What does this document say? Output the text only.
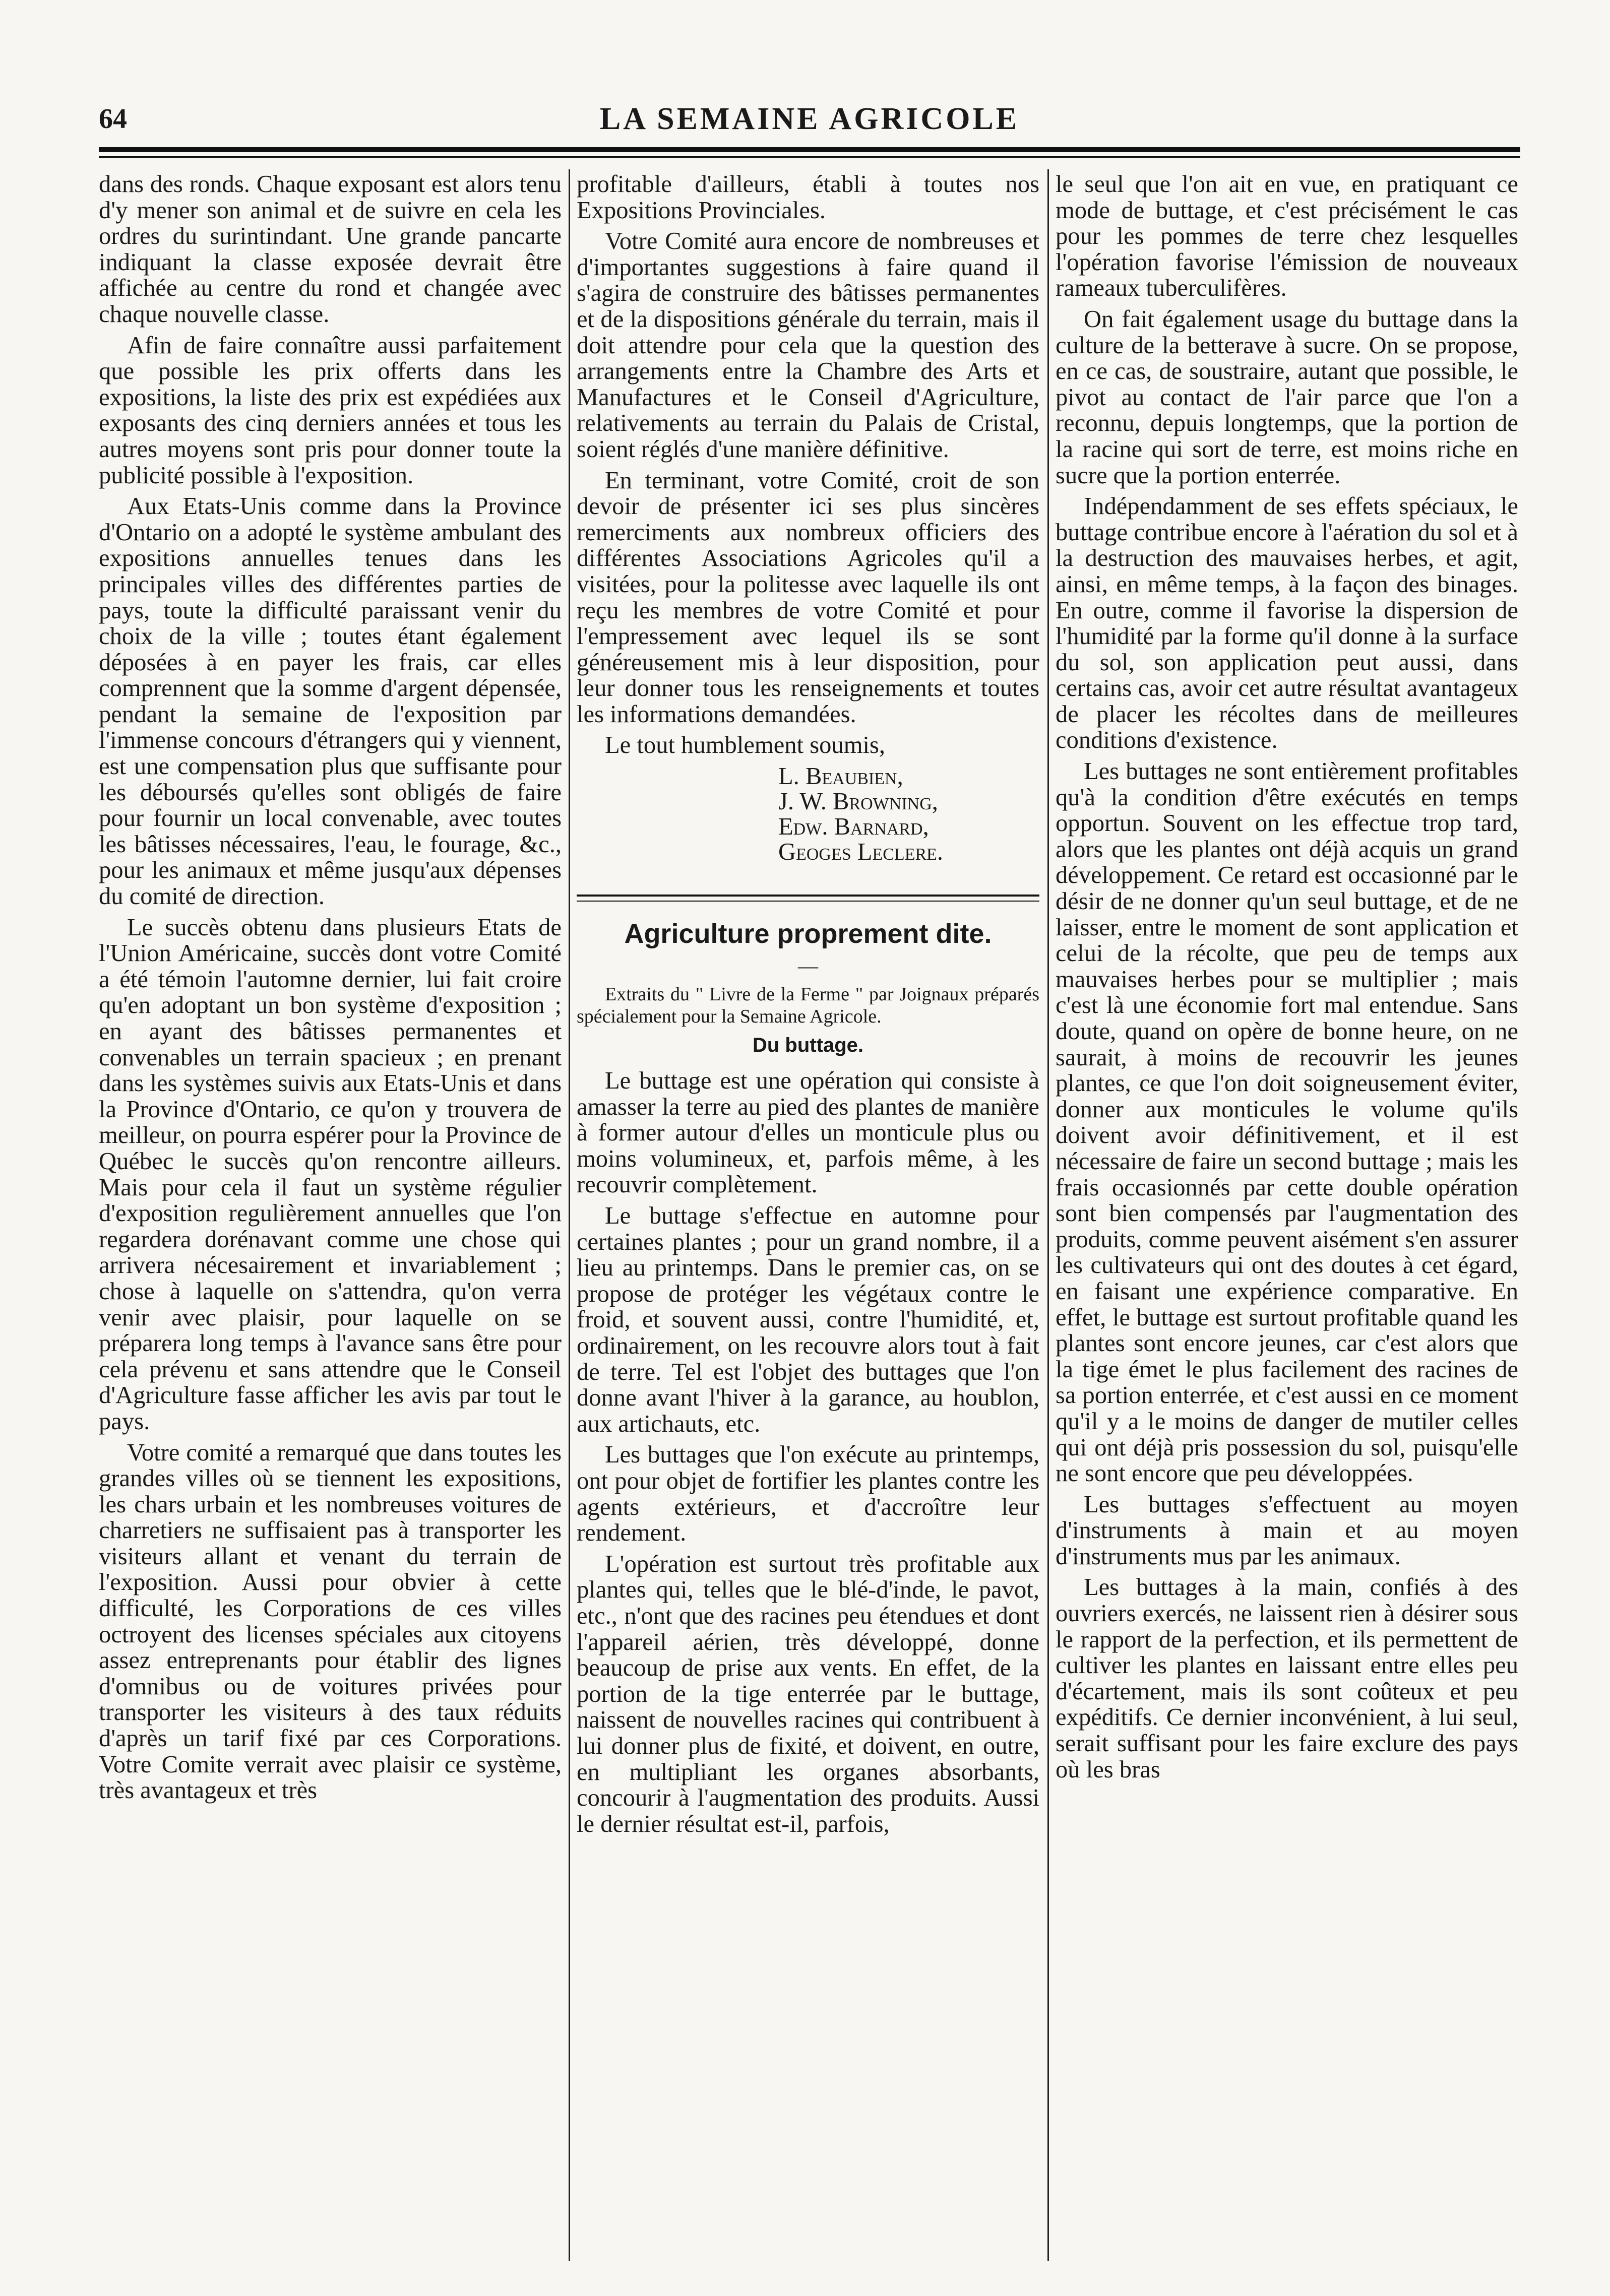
64	LA SEMAINE AGRICOLE

dans des ronds. Chaque exposant est alors tenu d'y mener son animal et de suivre en cela les ordres du surintindant. Une grande pancarte indiquant la classe exposée devrait être affichée au centre du rond et changée avec chaque nouvelle classe.

Afin de faire connaître aussi parfaitement que possible les prix offerts dans les expositions, la liste des prix est expédiées aux exposants des cinq derniers années et tous les autres moyens sont pris pour donner toute la publicité possible à l'exposition.

Aux Etats-Unis comme dans la Province d'Ontario on a adopté le système ambulant des expositions annuelles tenues dans les principales villes des différentes parties de pays, toute la difficulté paraissant venir du choix de la ville ; toutes étant également déposées à en payer les frais, car elles comprennent que la somme d'argent dépensée, pendant la semaine de l'exposition par l'immense concours d'étrangers qui y viennent, est une compensation plus que suffisante pour les déboursés qu'elles sont obligés de faire pour fournir un local convenable, avec toutes les bâtisses nécessaires, l'eau, le fourage, &c., pour les animaux et même jusqu'aux dépenses du comité de direction.

Le succès obtenu dans plusieurs Etats de l'Union Américaine, succès dont votre Comité a été témoin l'automne dernier, lui fait croire qu'en adoptant un bon système d'exposition ; en ayant des bâtisses permanentes et convenables un terrain spacieux ; en prenant dans les systèmes suivis aux Etats-Unis et dans la Province d'Ontario, ce qu'on y trouvera de meilleur, on pourra espérer pour la Province de Québec le succès qu'on rencontre ailleurs. Mais pour cela il faut un système régulier d'exposition regulièrement annuelles que l'on regardera dorénavant comme une chose qui arrivera nécesairement et invariablement ; chose à laquelle on s'attendra, qu'on verra venir avec plaisir, pour laquelle on se préparera long temps à l'avance sans être pour cela prévenu et sans attendre que le Conseil d'Agriculture fasse afficher les avis par tout le pays.

Votre comité a remarqué que dans toutes les grandes villes où se tiennent les expositions, les chars urbain et les nombreuses voitures de charretiers ne suffisaient pas à transporter les visiteurs allant et venant du terrain de l'exposition. Aussi pour obvier à cette difficulté, les Corporations de ces villes octroyent des licenses spéciales aux citoyens assez entreprenants pour établir des lignes d'omnibus ou de voitures privées pour transporter les visiteurs à des taux réduits d'après un tarif fixé par ces Corporations. Votre Comite verrait avec plaisir ce système, très avantageux et très

profitable d'ailleurs, établi à toutes nos Expositions Provinciales.

Votre Comité aura encore de nombreuses et d'importantes suggestions à faire quand il s'agira de construire des bâtisses permanentes et de la dispositions générale du terrain, mais il doit attendre pour cela que la question des arrangements entre la Chambre des Arts et Manufactures et le Conseil d'Agriculture, relativements au terrain du Palais de Cristal, soient réglés d'une manière définitive.

En terminant, votre Comité, croit de son devoir de présenter ici ses plus sincères remerciments aux nombreux officiers des différentes Associations Agricoles qu'il a visitées, pour la politesse avec laquelle ils ont reçu les membres de votre Comité et pour l'empressement avec lequel ils se sont généreusement mis à leur disposition, pour leur donner tous les renseignements et toutes les informations demandées.

Le tout humblement soumis,

L. Beaubien,
J. W. Browning,
Edw. Barnard,
Geoges Leclere.
Agriculture proprement dite.
—

Extraits du " Livre de la Ferme " par Joignaux préparés spécialement pour la Semaine Agricole.

Du buttage.

Le buttage est une opération qui consiste à amasser la terre au pied des plantes de manière à former autour d'elles un monticule plus ou moins volumineux, et, parfois même, à les recouvrir complètement.

Le buttage s'effectue en automne pour certaines plantes ; pour un grand nombre, il a lieu au printemps. Dans le premier cas, on se propose de protéger les végétaux contre le froid, et souvent aussi, contre l'humidité, et, ordinairement, on les recouvre alors tout à fait de terre. Tel est l'objet des buttages que l'on donne avant l'hiver à la garance, au houblon, aux artichauts, etc.

Les buttages que l'on exécute au printemps, ont pour objet de fortifier les plantes contre les agents extérieurs, et d'accroître leur rendement.

L'opération est surtout très profitable aux plantes qui, telles que le blé-d'inde, le pavot, etc., n'ont que des racines peu étendues et dont l'appareil aérien, très développé, donne beaucoup de prise aux vents. En effet, de la portion de la tige enterrée par le buttage, naissent de nouvelles racines qui contribuent à lui donner plus de fixité, et doivent, en outre, en multipliant les organes absorbants, concourir à l'augmentation des produits. Aussi le dernier résultat est-il, parfois,

le seul que l'on ait en vue, en pratiquant ce mode de buttage, et c'est précisément le cas pour les pommes de terre chez lesquelles l'opération favorise l'émission de nouveaux rameaux tuberculifères.

On fait également usage du buttage dans la culture de la betterave à sucre. On se propose, en ce cas, de soustraire, autant que possible, le pivot au contact de l'air parce que l'on a reconnu, depuis longtemps, que la portion de la racine qui sort de terre, est moins riche en sucre que la portion enterrée.

Indépendamment de ses effets spéciaux, le buttage contribue encore à l'aération du sol et à la destruction des mauvaises herbes, et agit, ainsi, en même temps, à la façon des binages. En outre, comme il favorise la dispersion de l'humidité par la forme qu'il donne à la surface du sol, son application peut aussi, dans certains cas, avoir cet autre résultat avantageux de placer les récoltes dans de meilleures conditions d'existence.

Les buttages ne sont entièrement profitables qu'à la condition d'être exécutés en temps opportun. Souvent on les effectue trop tard, alors que les plantes ont déjà acquis un grand développement. Ce retard est occasionné par le désir de ne donner qu'un seul buttage, et de ne laisser, entre le moment de sont application et celui de la récolte, que peu de temps aux mauvaises herbes pour se multiplier ; mais c'est là une économie fort mal entendue. Sans doute, quand on opère de bonne heure, on ne saurait, à moins de recouvrir les jeunes plantes, ce que l'on doit soigneusement éviter, donner aux monticules le volume qu'ils doivent avoir définitivement, et il est nécessaire de faire un second buttage ; mais les frais occasionnés par cette double opération sont bien compensés par l'augmentation des produits, comme peuvent aisément s'en assurer les cultivateurs qui ont des doutes à cet égard, en faisant une expérience comparative. En effet, le buttage est surtout profitable quand les plantes sont encore jeunes, car c'est alors que la tige émet le plus facilement des racines de sa portion enterrée, et c'est aussi en ce moment qu'il y a le moins de danger de mutiler celles qui ont déjà pris possession du sol, puisqu'elle ne sont encore que peu développées.

Les buttages s'effectuent au moyen d'instruments à main et au moyen d'instruments mus par les animaux.

Les buttages à la main, confiés à des ouvriers exercés, ne laissent rien à désirer sous le rapport de la perfection, et ils permettent de cultiver les plantes en laissant entre elles peu d'écartement, mais ils sont coûteux et peu expéditifs. Ce dernier inconvénient, à lui seul, serait suffisant pour les faire exclure des pays où les bras
